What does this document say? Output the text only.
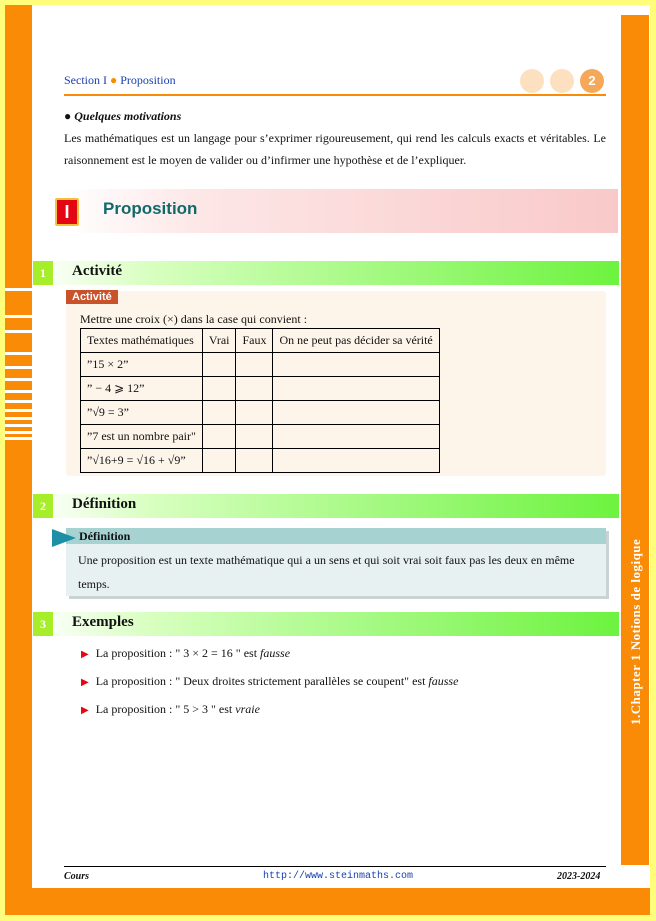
1.Chapter 1 Notions de logique
Section I ● Proposition	2
● Quelques motivations
Les mathématiques est un langage pour s’exprimer rigoureusement, qui rend les calculs exacts et véritables. Le raisonnement est le moyen de valider ou d’infirmer une hypothèse et de l’expliquer.
I	Proposition
1	Activité
Activité
Mettre une croix (×) dans la case qui convient :
Textes mathématiques	Vrai	Faux	On ne peut pas décider sa vérité
”15 × 2”			
” − 4 ⩾ 12”			
”√9 = 3”			
”7 est un nombre pair"			
”√16+9 = √16 + √9”			
2	Définition
Définition
Une proposition est un texte mathématique qui a un sens et qui soit vrai soit faux pas les deux en même temps.
3	Exemples
▶ La proposition : " 3 × 2 = 16 " est fausse
▶ La proposition : " Deux droites strictement parallèles se coupent" est fausse
▶ La proposition : " 5 > 3 " est vraie
Cours	http://www.steinmaths.com	2023-2024
